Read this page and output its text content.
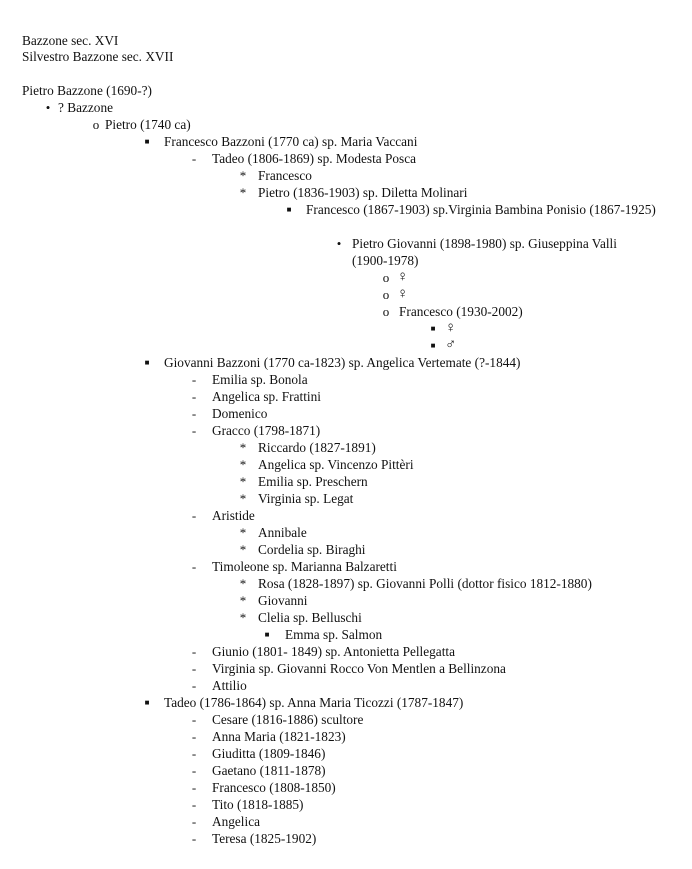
Bazzone sec. XVI
Silvestro Bazzone sec. XVII
Pietro Bazzone (1690-?)
• ? Bazzone
o Pietro (1740 ca)
■ Francesco Bazzoni (1770 ca) sp. Maria Vaccani
- Tadeo (1806-1869) sp. Modesta Posca
* Francesco
* Pietro (1836-1903) sp. Diletta Molinari
■ Francesco (1867-1903) sp.Virginia Bambina Ponisio (1867-1925)
• Pietro Giovanni (1898-1980) sp. Giuseppina Valli (1900-1978)
o ♀
o ♀
o Francesco (1930-2002)
■ ♀
■ ♂
■ Giovanni Bazzoni (1770 ca-1823) sp. Angelica Vertemate (?-1844)
- Emilia sp. Bonola
- Angelica sp. Frattini
- Domenico
- Gracco (1798-1871)
* Riccardo (1827-1891)
* Angelica sp. Vincenzo Pittèri
* Emilia sp. Preschern
* Virginia sp. Legat
- Aristide
* Annibale
* Cordelia sp. Biraghi
- Timoleone sp. Marianna Balzaretti
* Rosa (1828-1897) sp. Giovanni Polli (dottor fisico 1812-1880)
* Giovanni
* Clelia sp. Belluschi
■ Emma sp. Salmon
- Giunio (1801- 1849) sp. Antonietta Pellegatta
- Virginia sp. Giovanni Rocco Von Mentlen a Bellinzona
- Attilio
■ Tadeo (1786-1864) sp. Anna Maria Ticozzi (1787-1847)
- Cesare (1816-1886) scultore
- Anna Maria (1821-1823)
- Giuditta (1809-1846)
- Gaetano (1811-1878)
- Francesco (1808-1850)
- Tito (1818-1885)
- Angelica
- Teresa (1825-1902)
